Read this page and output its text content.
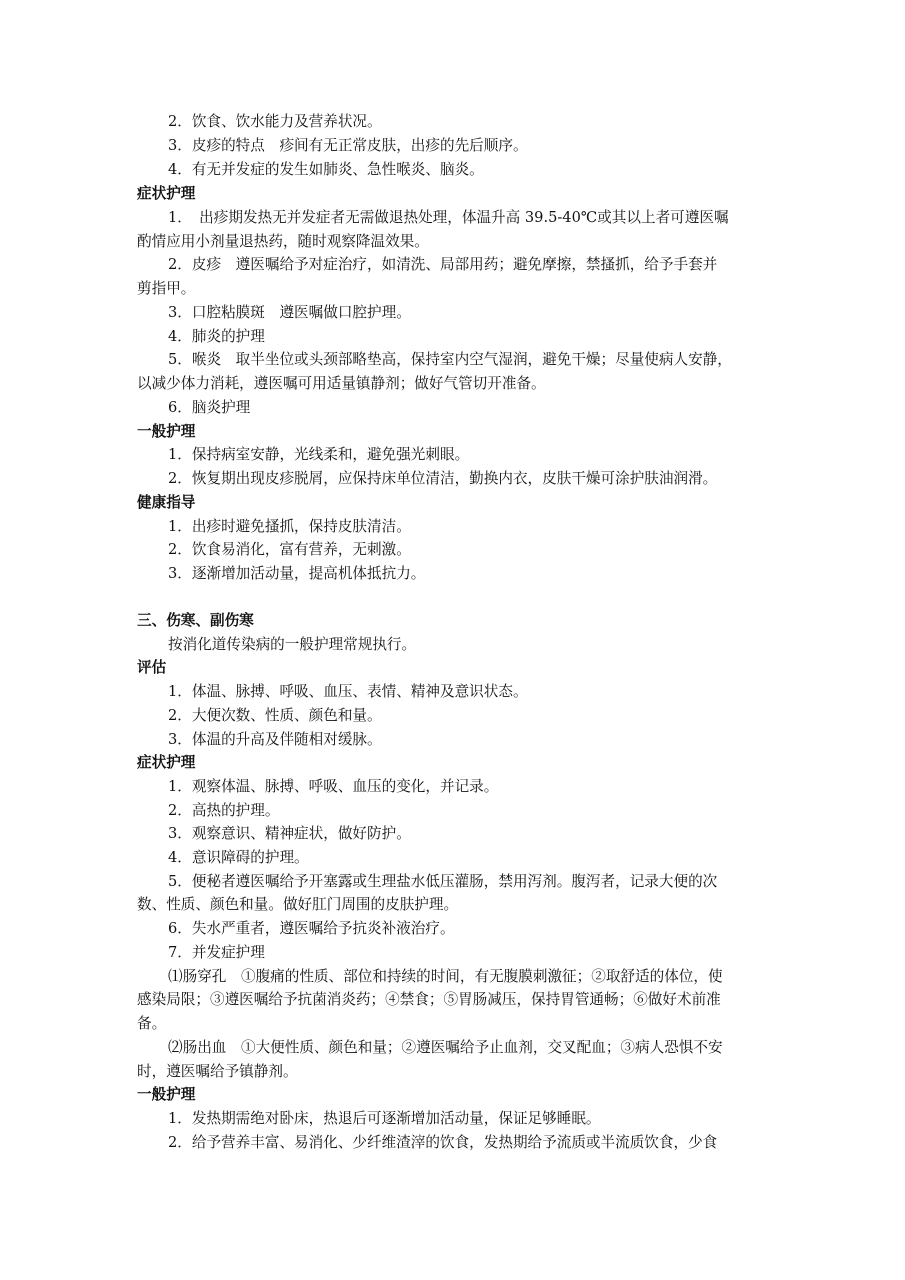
2．饮食、饮水能力及营养状况。
3．皮疹的特点　疹间有无正常皮肤，出疹的先后顺序。
4．有无并发症的发生如肺炎、急性喉炎、脑炎。
症状护理
1．　出疹期发热无并发症者无需做退热处理，体温升高 39.5-40℃或其以上者可遵医嘱
酌情应用小剂量退热药，随时观察降温效果。
2．皮疹　遵医嘱给予对症治疗，如清洗、局部用药；避免摩擦，禁搔抓，给予手套并
剪指甲。
3．口腔粘膜斑　遵医嘱做口腔护理。
4．肺炎的护理
5．喉炎　取半坐位或头颈部略垫高，保持室内空气湿润，避免干燥；尽量使病人安静，
以减少体力消耗，遵医嘱可用适量镇静剂；做好气管切开准备。
6．脑炎护理
一般护理
1．保持病室安静，光线柔和，避免强光刺眼。
2．恢复期出现皮疹脱屑，应保持床单位清洁，勤换内衣，皮肤干燥可涂护肤油润滑。
健康指导
1．出疹时避免搔抓，保持皮肤清洁。
2．饮食易消化，富有营养，无刺激。
3．逐渐增加活动量，提高机体抵抗力。
三、伤寒、副伤寒
按消化道传染病的一般护理常规执行。
评估
1．体温、脉搏、呼吸、血压、表情、精神及意识状态。
2．大便次数、性质、颜色和量。
3．体温的升高及伴随相对缓脉。
症状护理
1．观察体温、脉搏、呼吸、血压的变化，并记录。
2．高热的护理。
3．观察意识、精神症状，做好防护。
4．意识障碍的护理。
5．便秘者遵医嘱给予开塞露或生理盐水低压灌肠，禁用泻剂。腹泻者，记录大便的次
数、性质、颜色和量。做好肛门周围的皮肤护理。
6．失水严重者，遵医嘱给予抗炎补液治疗。
7．并发症护理
⑴肠穿孔　①腹痛的性质、部位和持续的时间，有无腹膜刺激征；②取舒适的体位，使
感染局限；③遵医嘱给予抗菌消炎药；④禁食；⑤胃肠减压，保持胃管通畅；⑥做好术前准
备。
⑵肠出血　①大便性质、颜色和量；②遵医嘱给予止血剂，交叉配血；③病人恐惧不安
时，遵医嘱给予镇静剂。
一般护理
1．发热期需绝对卧床，热退后可逐渐增加活动量，保证足够睡眠。
2．给予营养丰富、易消化、少纤维渣滓的饮食，发热期给予流质或半流质饮食，少食
